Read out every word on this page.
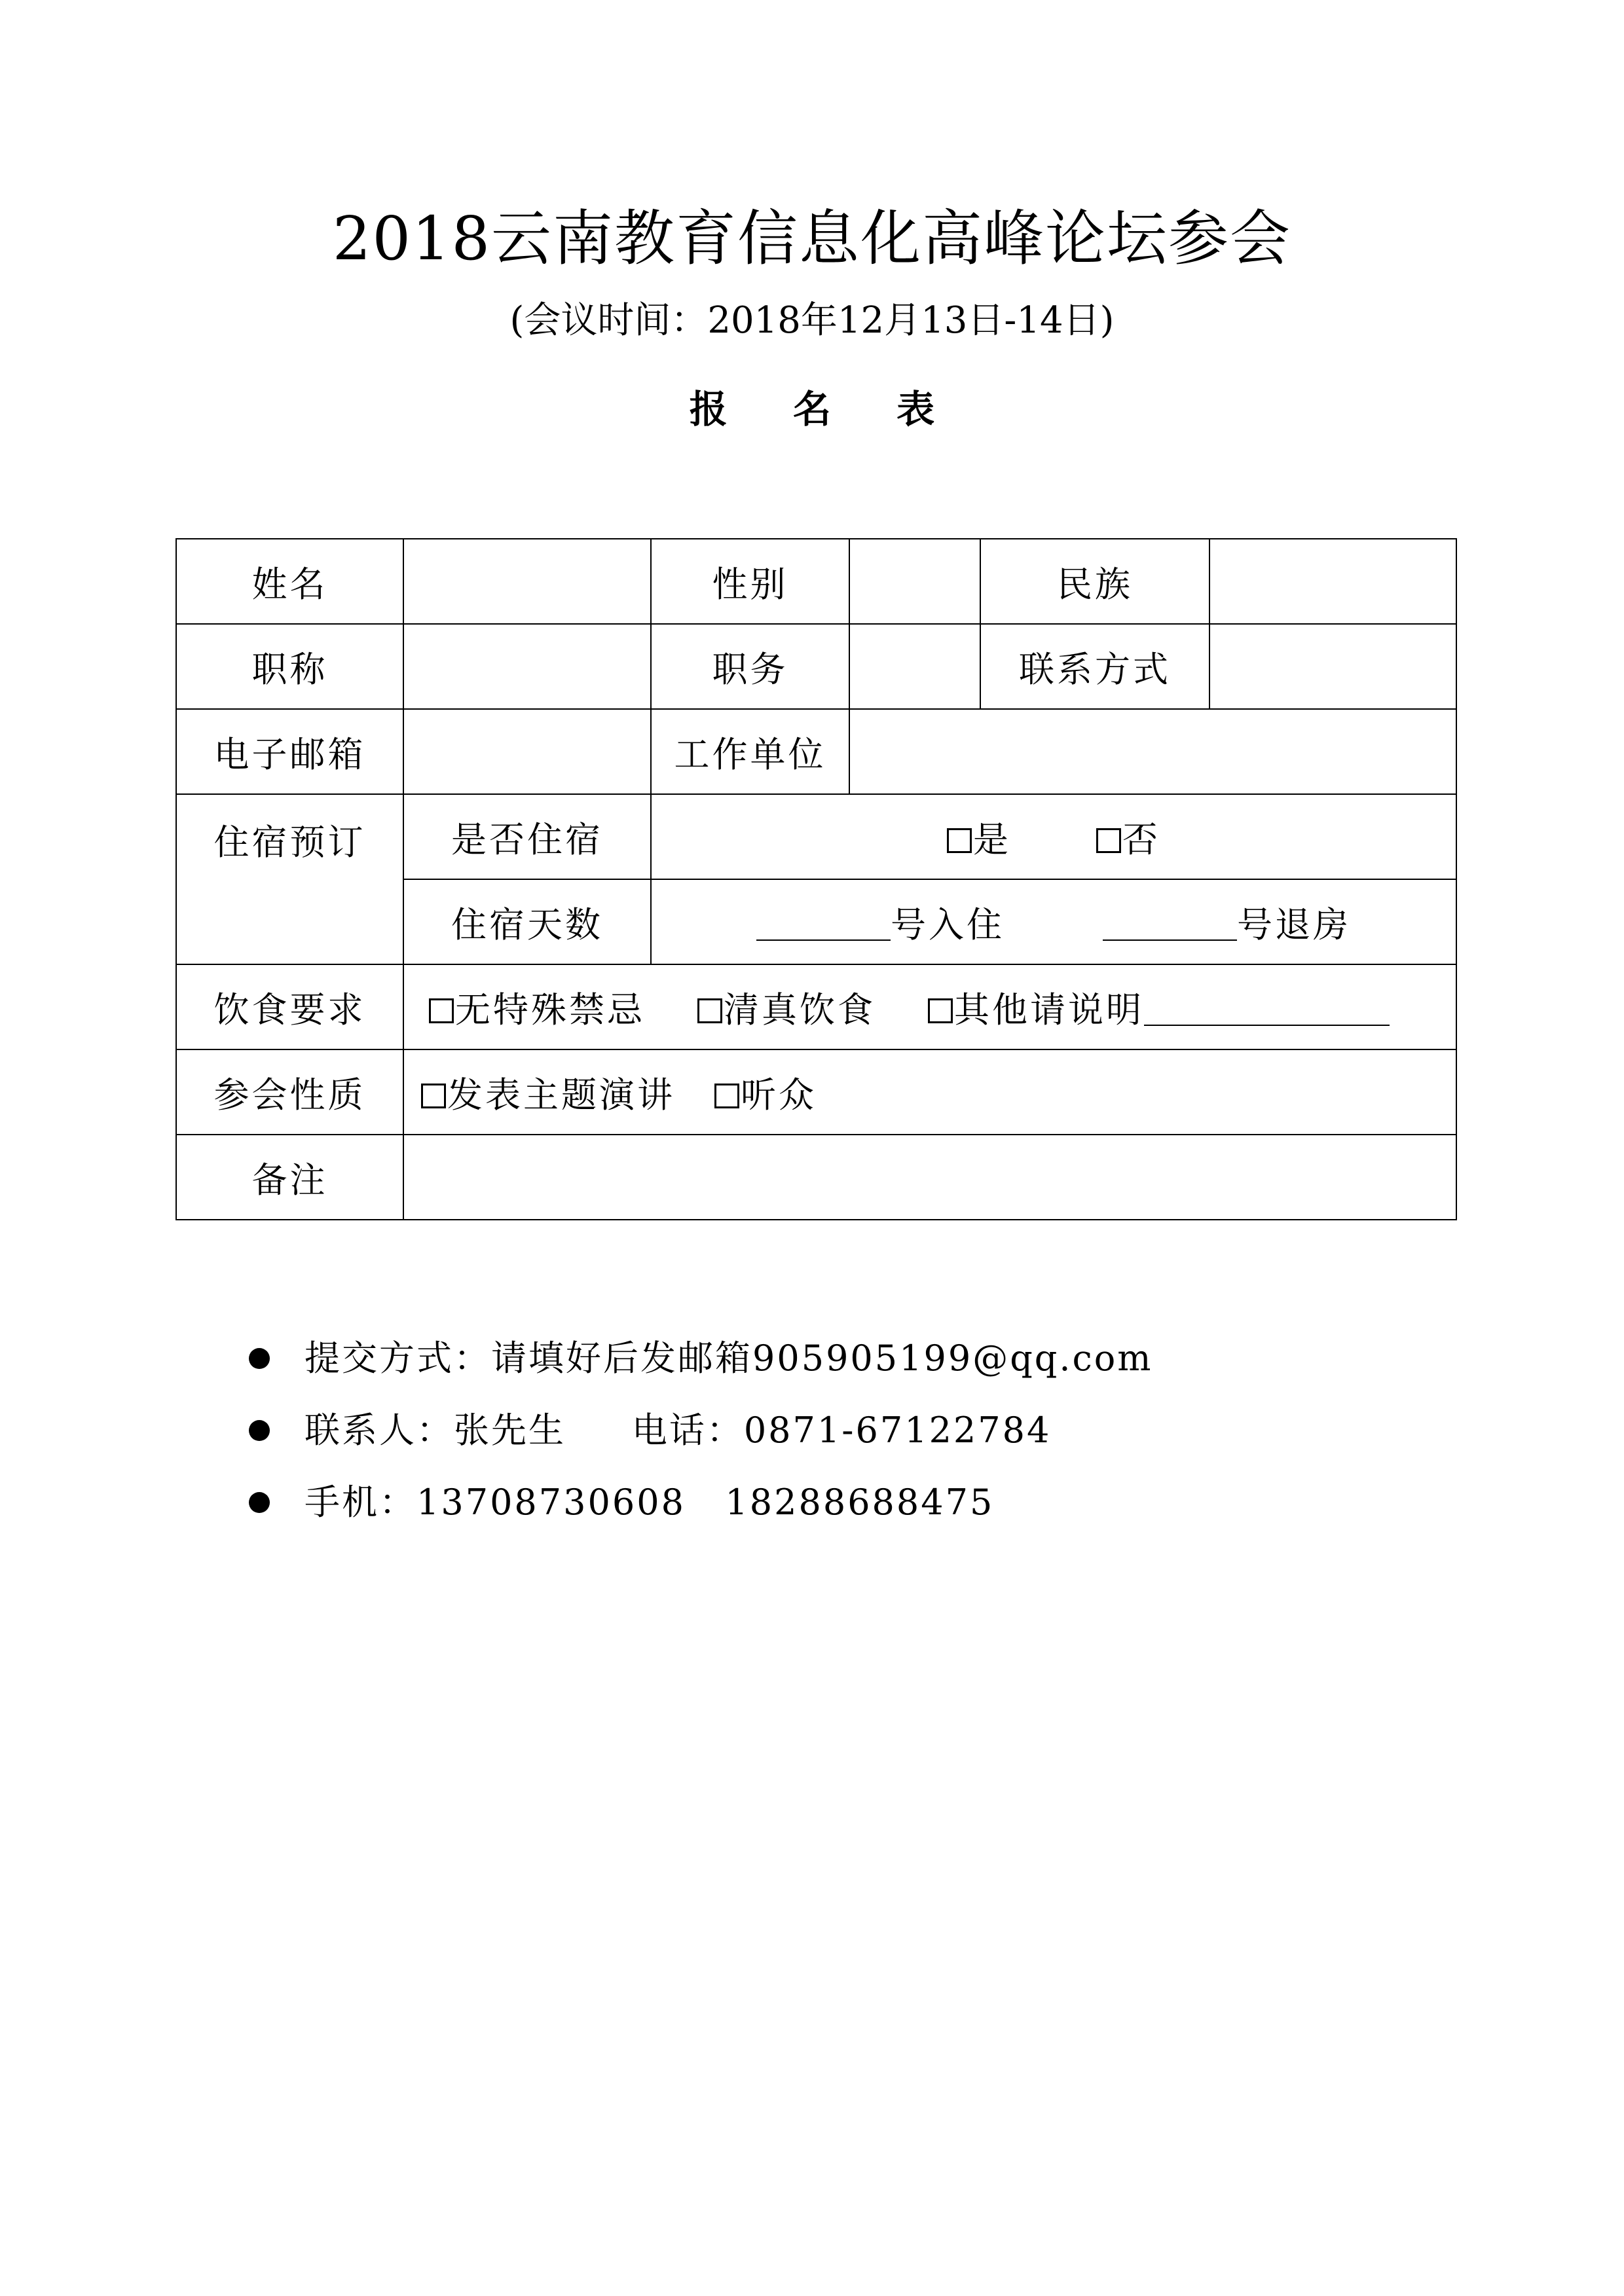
2018云南教育信息化高峰论坛参会
(会议时间：2018年12月13日-14日)
报 名 表
姓名		性别		民族	
职称		职务		联系方式	
电子邮箱		工作单位			
住宿预订	是否住宿	是 否			
	住宿天数	号入住 号退房			
饮食要求	无特殊禁忌 清真饮食 其他请说明				
参会性质	发表主题演讲 听众				
备注					
提交方式：请填好后发邮箱905905199@qq.com
联系人：张先生     电话：0871-67122784
手机：13708730608   18288688475
